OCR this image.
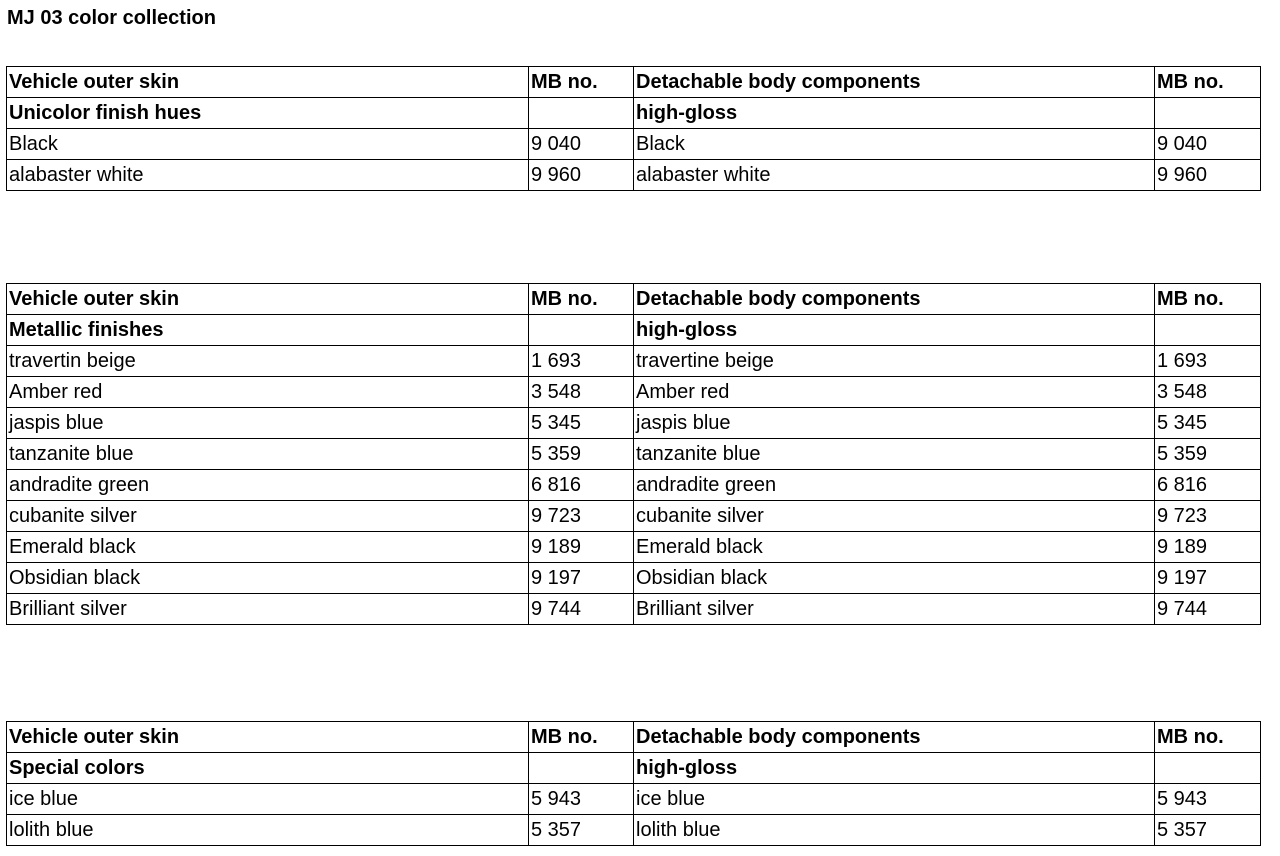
MJ 03 color collection
Vehicle outer skin	MB no.	Detachable body components	MB no.
Unicolor finish hues		high-gloss	
Black	9 040	Black	9 040
alabaster white	9 960	alabaster white	9 960
Vehicle outer skin	MB no.	Detachable body components	MB no.
Metallic finishes		high-gloss	
travertin beige	1 693	travertine beige	1 693
Amber red	3 548	Amber red	3 548
jaspis blue	5 345	jaspis blue	5 345
tanzanite blue	5 359	tanzanite blue	5 359
andradite green	6 816	andradite green	6 816
cubanite silver	9 723	cubanite silver	9 723
Emerald black	9 189	Emerald black	9 189
Obsidian black	9 197	Obsidian black	9 197
Brilliant silver	9 744	Brilliant silver	9 744
Vehicle outer skin	MB no.	Detachable body components	MB no.
Special colors		high-gloss	
ice blue	5 943	ice blue	5 943
lolith blue	5 357	lolith blue	5 357
